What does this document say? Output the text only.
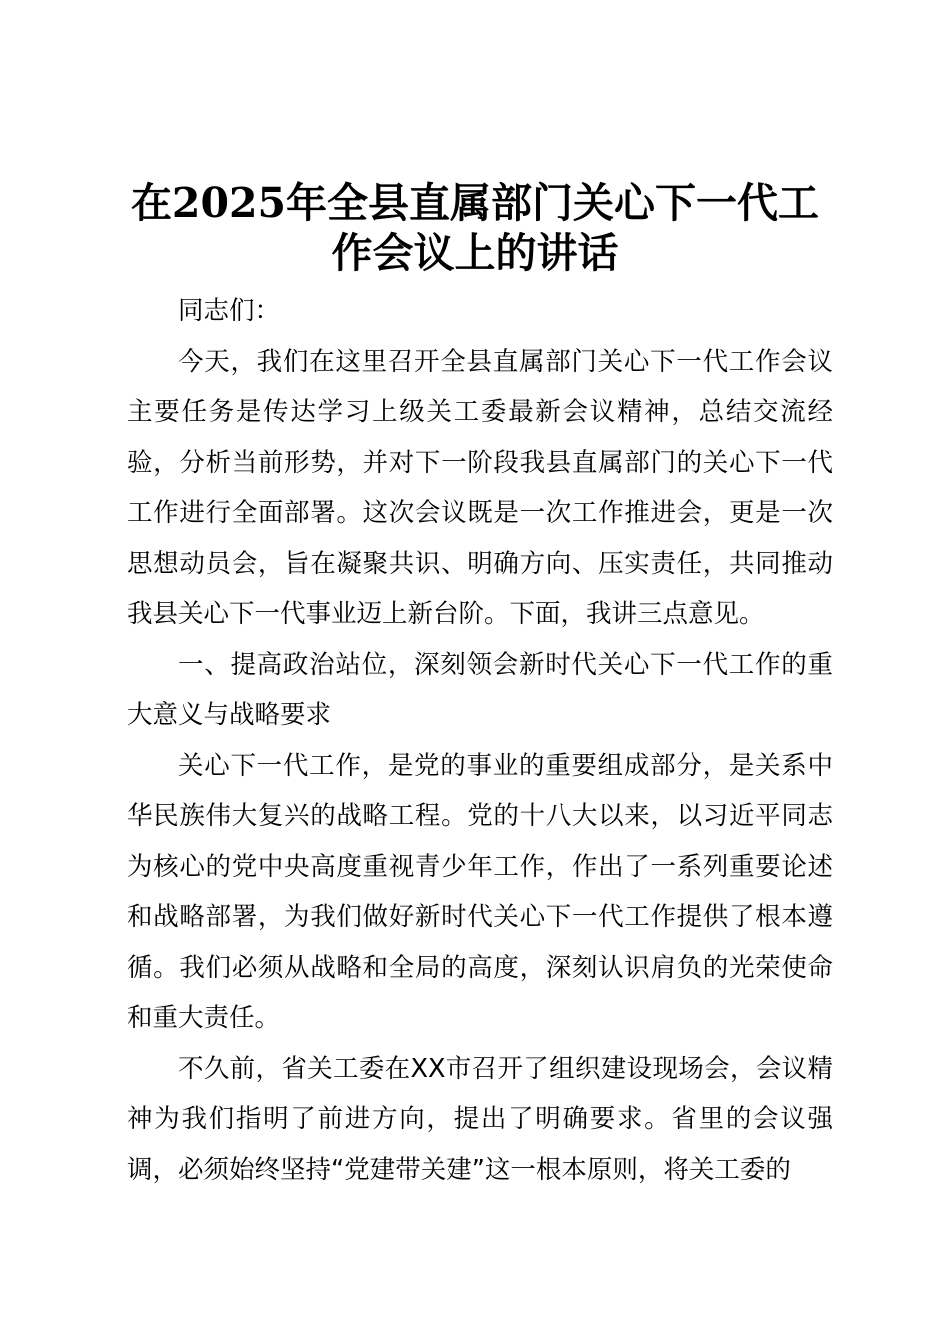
在2025年全县直属部门关心下一代工作会议上的讲话

同志们：

今天，我们在这里召开全县直属部门关心下一代工作会议主要任务是传达学习上级关工委最新会议精神，总结交流经验，分析当前形势，并对下一阶段我县直属部门的关心下一代工作进行全面部署。这次会议既是一次工作推进会，更是一次思想动员会，旨在凝聚共识、明确方向、压实责任，共同推动我县关心下一代事业迈上新台阶。下面，我讲三点意见。

一、提高政治站位，深刻领会新时代关心下一代工作的重大意义与战略要求

关心下一代工作，是党的事业的重要组成部分，是关系中华民族伟大复兴的战略工程。党的十八大以来，以习近平同志为核心的党中央高度重视青少年工作，作出了一系列重要论述和战略部署，为我们做好新时代关心下一代工作提供了根本遵循。我们必须从战略和全局的高度，深刻认识肩负的光荣使命和重大责任。

不久前，省关工委在XX市召开了组织建设现场会，会议精神为我们指明了前进方向，提出了明确要求。省里的会议强调，必须始终坚持“党建带关建”这一根本原则，将关工委的
